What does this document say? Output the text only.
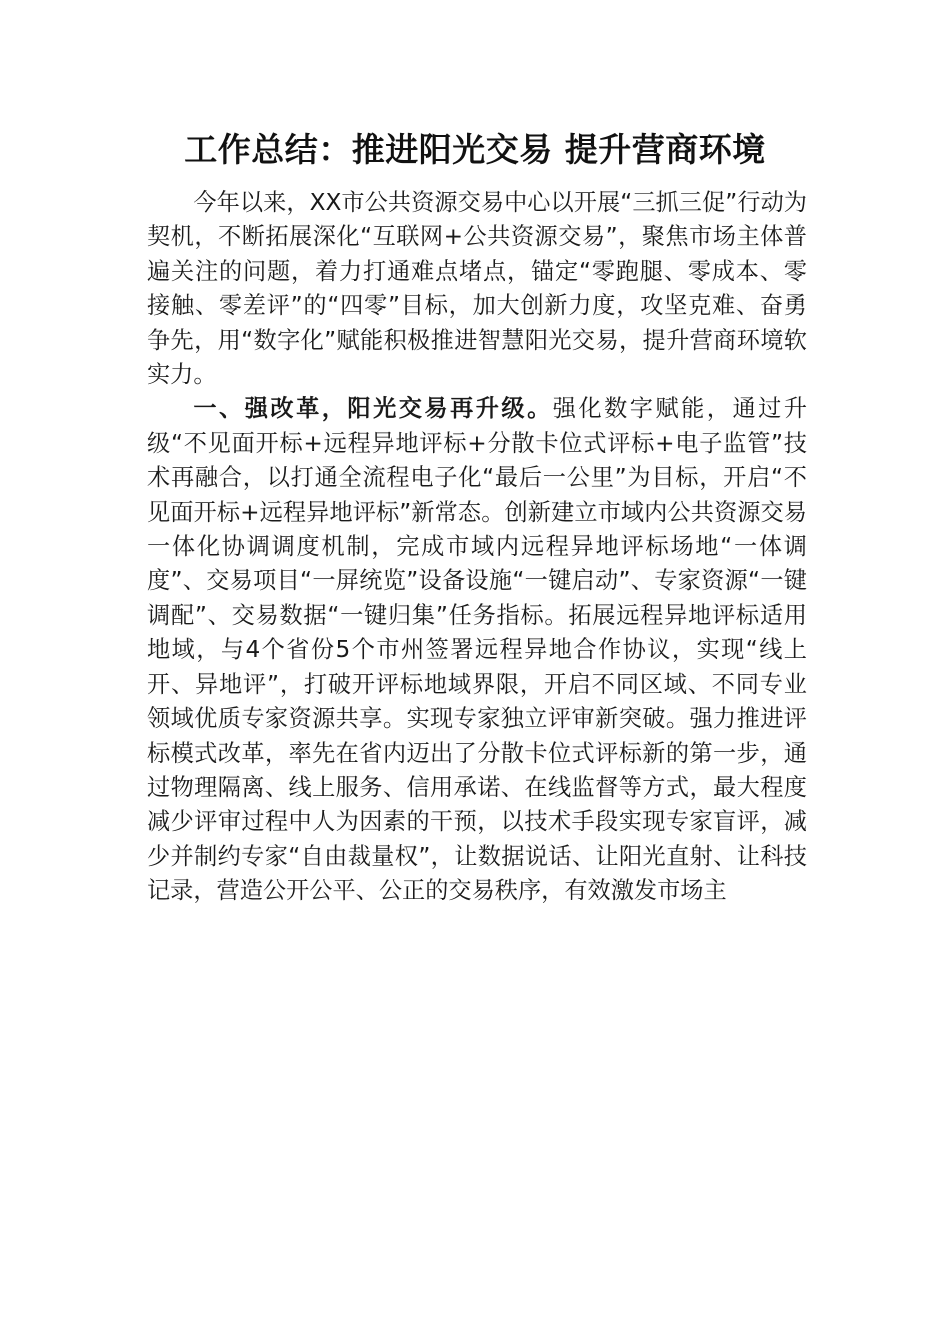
工作总结：推进阳光交易 提升营商环境

今年以来，XX市公共资源交易中心以开展“三抓三促”行动为契机，不断拓展深化“互联网+公共资源交易”，聚焦市场主体普遍关注的问题，着力打通难点堵点，锚定“零跑腿、零成本、零接触、零差评”的“四零”目标，加大创新力度，攻坚克难、奋勇争先，用“数字化”赋能积极推进智慧阳光交易，提升营商环境软实力。

一、强改革，阳光交易再升级。强化数字赋能，通过升级“不见面开标+远程异地评标+分散卡位式评标+电子监管”技术再融合，以打通全流程电子化“最后一公里”为目标，开启“不见面开标+远程异地评标”新常态。创新建立市域内公共资源交易一体化协调调度机制，完成市域内远程异地评标场地“一体调度”、交易项目“一屏统览”设备设施“一键启动”、专家资源“一键调配”、交易数据“一键归集”任务指标。拓展远程异地评标适用地域，与4个省份5个市州签署远程异地合作协议，实现“线上开、异地评”，打破开评标地域界限，开启不同区域、不同专业领域优质专家资源共享。实现专家独立评审新突破。强力推进评标模式改革，率先在省内迈出了分散卡位式评标新的第一步，通过物理隔离、线上服务、信用承诺、在线监督等方式，最大程度减少评审过程中人为因素的干预，以技术手段实现专家盲评，减少并制约专家“自由裁量权”，让数据说话、让阳光直射、让科技记录，营造公开公平、公正的交易秩序，有效激发市场主
